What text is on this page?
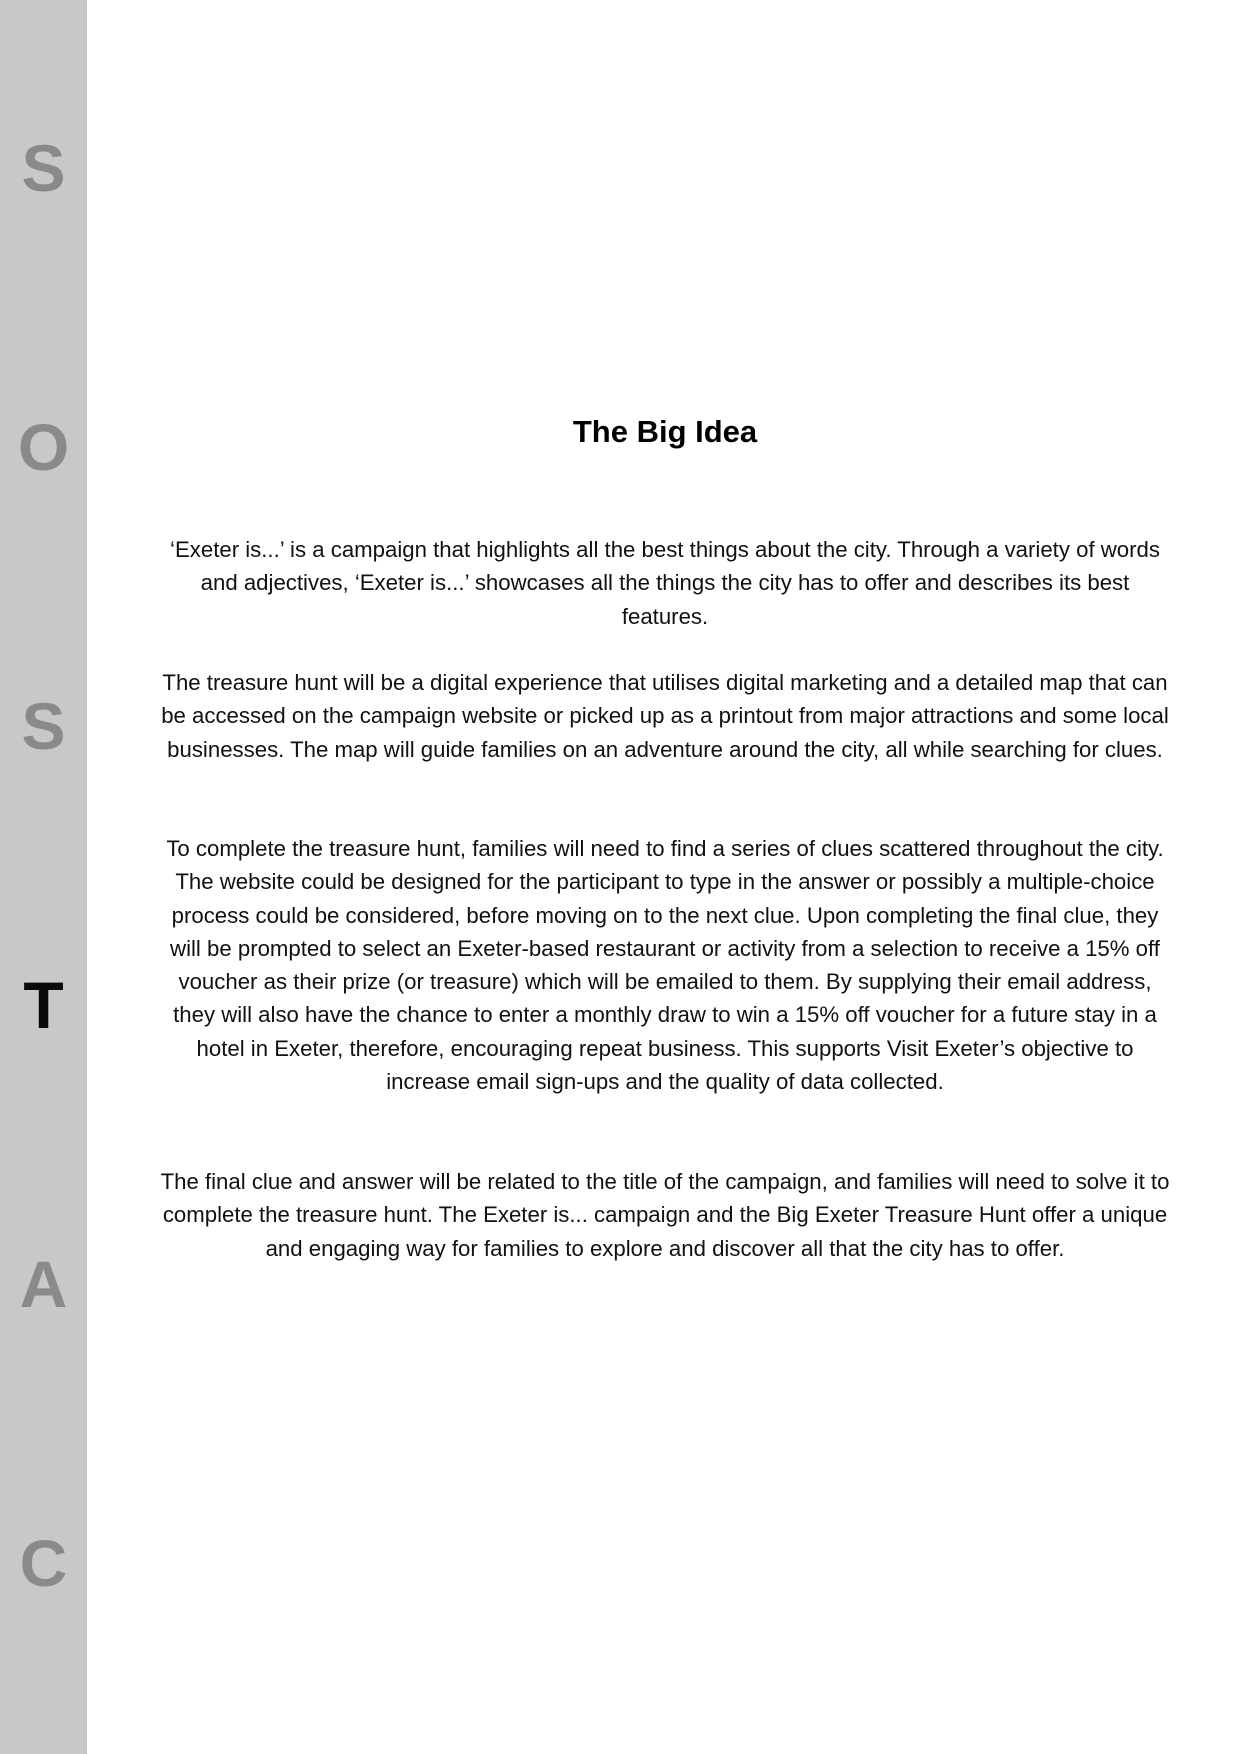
S
O
S
T
A
C
The Big Idea

‘Exeter is...’ is a campaign that highlights all the best things about the city. Through a variety of words and adjectives, ‘Exeter is...’ showcases all the things the city has to offer and describes its best features.

The treasure hunt will be a digital experience that utilises digital marketing and a detailed map that can be accessed on the campaign website or picked up as a printout from major attractions and some local businesses. The map will guide families on an adventure around the city, all while searching for clues.

To complete the treasure hunt, families will need to find a series of clues scattered throughout the city. The website could be designed for the participant to type in the answer or possibly a multiple-choice process could be considered, before moving on to the next clue. Upon completing the final clue, they will be prompted to select an Exeter-based restaurant or activity from a selection to receive a 15% off voucher as their prize (or treasure) which will be emailed to them. By supplying their email address, they will also have the chance to enter a monthly draw to win a 15% off voucher for a future stay in a hotel in Exeter, therefore, encouraging repeat business. This supports Visit Exeter’s objective to increase email sign-ups and the quality of data collected.

The final clue and answer will be related to the title of the campaign, and families will need to solve it to complete the treasure hunt. The Exeter is... campaign and the Big Exeter Treasure Hunt offer a unique and engaging way for families to explore and discover all that the city has to offer.
